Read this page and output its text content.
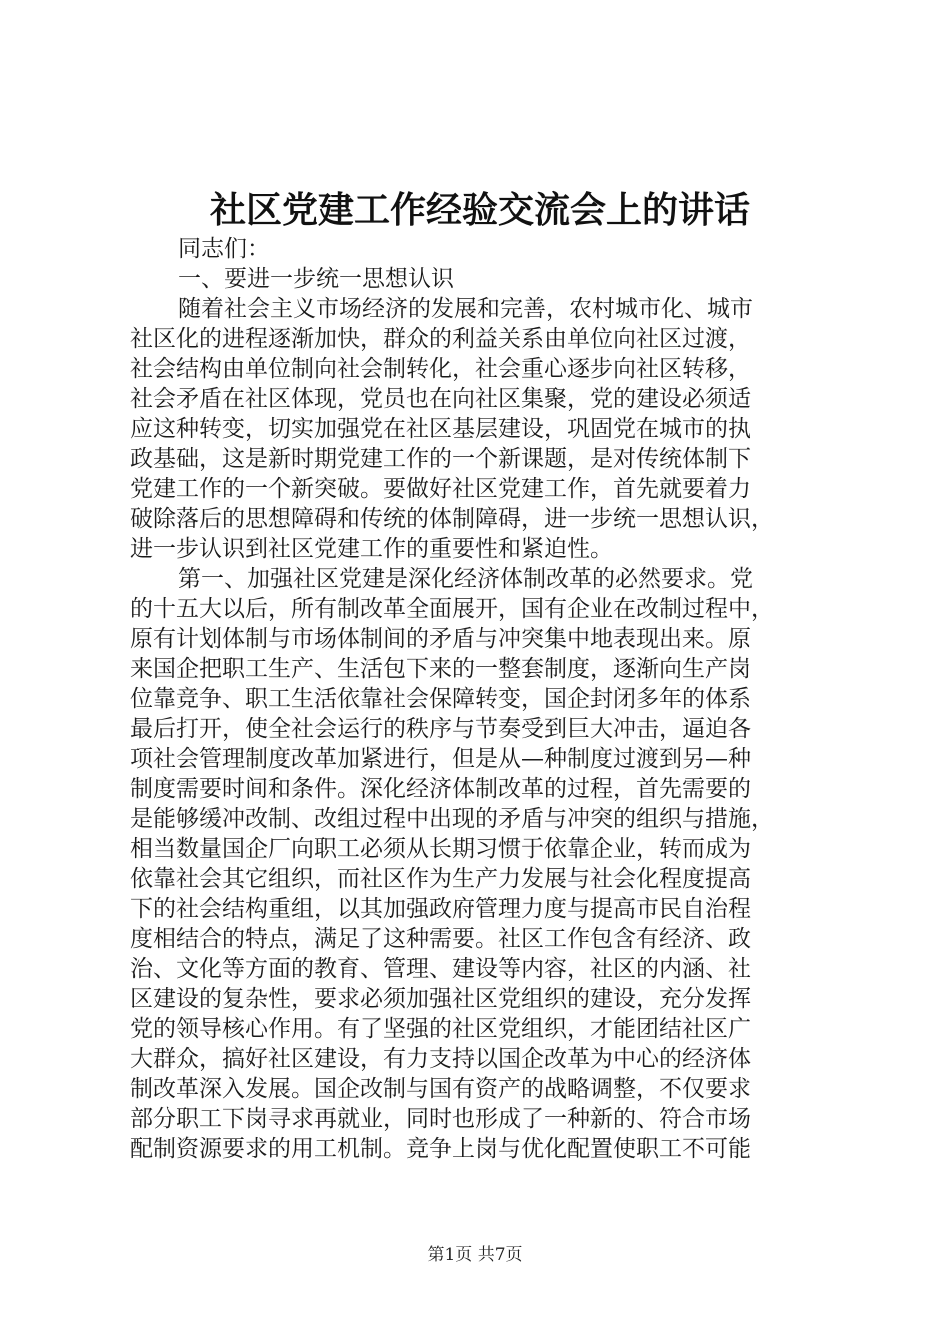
社区党建工作经验交流会上的讲话
同志们：
一、要进一步统一思想认识
随着社会主义市场经济的发展和完善，农村城市化、城市
社区化的进程逐渐加快，群众的利益关系由单位向社区过渡，
社会结构由单位制向社会制转化，社会重心逐步向社区转移，
社会矛盾在社区体现，党员也在向社区集聚，党的建设必须适
应这种转变，切实加强党在社区基层建设，巩固党在城市的执
政基础，这是新时期党建工作的一个新课题，是对传统体制下
党建工作的一个新突破。要做好社区党建工作，首先就要着力
破除落后的思想障碍和传统的体制障碍，进一步统一思想认识，
进一步认识到社区党建工作的重要性和紧迫性。
第一、加强社区党建是深化经济体制改革的必然要求。党
的十五大以后，所有制改革全面展开，国有企业在改制过程中，
原有计划体制与市场体制间的矛盾与冲突集中地表现出来。原
来国企把职工生产、生活包下来的一整套制度，逐渐向生产岗
位靠竞争、职工生活依靠社会保障转变，国企封闭多年的体系
最后打开，使全社会运行的秩序与节奏受到巨大冲击，逼迫各
项社会管理制度改革加紧进行，但是从—种制度过渡到另—种
制度需要时间和条件。深化经济体制改革的过程，首先需要的
是能够缓冲改制、改组过程中出现的矛盾与冲突的组织与措施，
相当数量国企厂向职工必须从长期习惯于依靠企业，转而成为
依靠社会其它组织，而社区作为生产力发展与社会化程度提高
下的社会结构重组，以其加强政府管理力度与提高市民自治程
度相结合的特点，满足了这种需要。社区工作包含有经济、政
治、文化等方面的教育、管理、建设等内容，社区的内涵、社
区建设的复杂性，要求必须加强社区党组织的建设，充分发挥
党的领导核心作用。有了坚强的社区党组织，才能团结社区广
大群众，搞好社区建设，有力支持以国企改革为中心的经济体
制改革深入发展。国企改制与国有资产的战略调整，不仅要求
部分职工下岗寻求再就业，同时也形成了一种新的、符合市场
配制资源要求的用工机制。竞争上岗与优化配置使职工不可能
第1页 共7页
